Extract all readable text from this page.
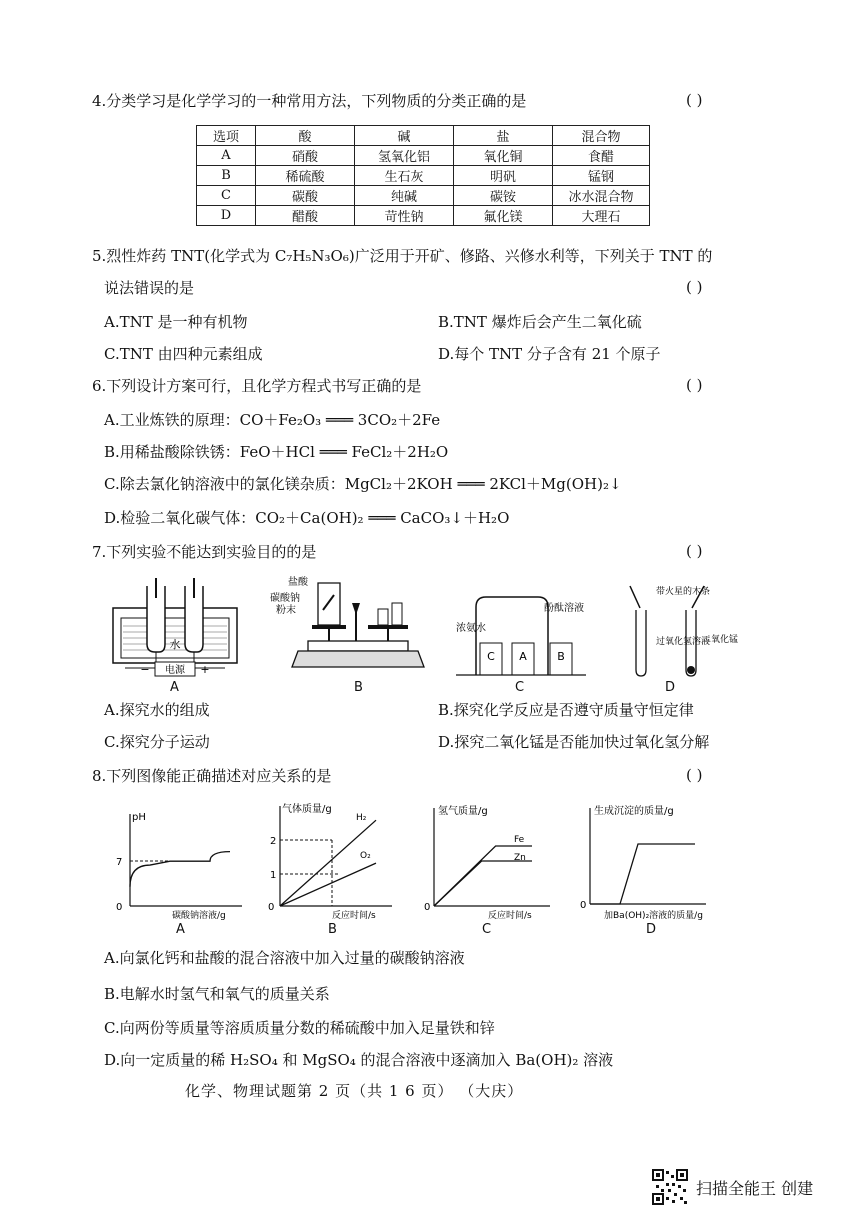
4.分类学习是化学学习的一种常用方法，下列物质的分类正确的是	( )
选项	酸	碱	盐	混合物
A	硝酸	氢氧化铝	氧化铜	食醋
B	稀硫酸	生石灰	明矾	锰钢
C	碳酸	纯碱	碳铵	冰水混合物
D	醋酸	苛性钠	氟化镁	大理石
5.烈性炸药 TNT(化学式为 C₇H₅N₃O₆)广泛用于开矿、修路、兴修水利等，下列关于 TNT 的
说法错误的是	( )
A.TNT 是一种有机物	B.TNT 爆炸后会产生二氧化硫
C.TNT 由四种元素组成	D.每个 TNT 分子含有 21 个原子
6.下列设计方案可行，且化学方程式书写正确的是	( )
A.工业炼铁的原理：CO＋Fe₂O₃ ═══ 3CO₂＋2Fe
B.用稀盐酸除铁锈：FeO＋HCl ═══ FeCl₂＋2H₂O
C.除去氯化钠溶液中的氯化镁杂质：MgCl₂＋2KOH ═══ 2KCl＋Mg(OH)₂↓
D.检验二氧化碳气体：CO₂＋Ca(OH)₂ ═══ CaCO₃↓＋H₂O
7.下列实验不能达到实验目的的是	( )
电源
水
−	+
A
盐酸
碳酸钠
粉末
B
浓氨水
酚酞溶液
C A	B
C
带火星的木条
过氧化氢溶液
二氧化锰
D
A.探究水的组成	B.探究化学反应是否遵守质量守恒定律
C.探究分子运动	D.探究二氧化锰是否能加快过氧化氢分解
8.下列图像能正确描述对应关系的是	( )
pH
0
7
碳酸钠溶液/g
A
气体质量/g
0
1
2
反应时间/s
H₂
O₂
B
氢气质量/g
0
反应时间/s
Fe
Zn
C
生成沉淀的质量/g
0
加Ba(OH)₂溶液的质量/g
D
A.向氯化钙和盐酸的混合溶液中加入过量的碳酸钠溶液
B.电解水时氢气和氧气的质量关系
C.向两份等质量等溶质质量分数的稀硫酸中加入足量铁和锌
D.向一定质量的稀 H₂SO₄ 和 MgSO₄ 的混合溶液中逐滴加入 Ba(OH)₂ 溶液
化学、物理试题第 2 页（共 1 6 页） （大庆）
扫描全能王 创建
